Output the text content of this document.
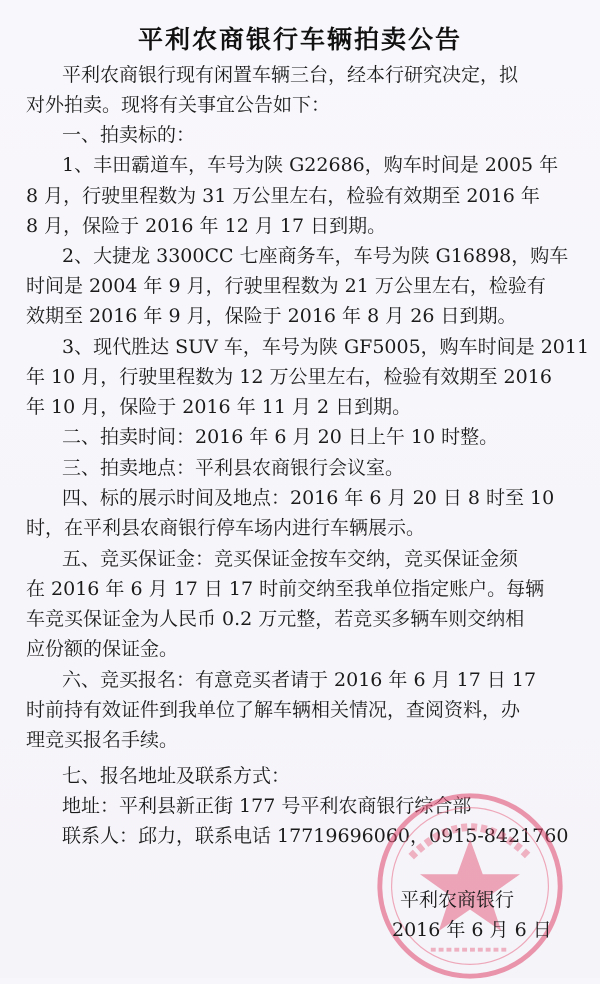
平利农商银行车辆拍卖公告
平利农商银行现有闲置车辆三台，经本行研究决定，拟
对外拍卖。现将有关事宜公告如下：
一、拍卖标的：
1、丰田霸道车，车号为陕 G22686，购车时间是 2005 年
8 月，行驶里程数为 31 万公里左右，检验有效期至 2016 年
8 月，保险于 2016 年 12 月 17 日到期。
2、大捷龙 3300CC 七座商务车，车号为陕 G16898，购车
时间是 2004 年 9 月，行驶里程数为 21 万公里左右，检验有
效期至 2016 年 9 月，保险于 2016 年 8 月 26 日到期。
3、现代胜达 SUV 车，车号为陕 GF5005，购车时间是 2011
年 10 月，行驶里程数为 12 万公里左右，检验有效期至 2016
年 10 月，保险于 2016 年 11 月 2 日到期。
二、拍卖时间：2016 年 6 月 20 日上午 10 时整。
三、拍卖地点：平利县农商银行会议室。
四、标的展示时间及地点：2016 年 6 月 20 日 8 时至 10
时，在平利县农商银行停车场内进行车辆展示。
五、竞买保证金：竞买保证金按车交纳，竞买保证金须
在 2016 年 6 月 17 日 17 时前交纳至我单位指定账户。每辆
车竞买保证金为人民币 0.2 万元整，若竞买多辆车则交纳相
应份额的保证金。
六、竞买报名：有意竞买者请于 2016 年 6 月 17 日 17
时前持有效证件到我单位了解车辆相关情况，查阅资料，办
理竞买报名手续。
七、报名地址及联系方式：
地址：平利县新正街 177 号平利农商银行综合部
联系人：邱力，联系电话 17719696060，0915-8421760
平利农商银行
2016 年 6 月 6 日
